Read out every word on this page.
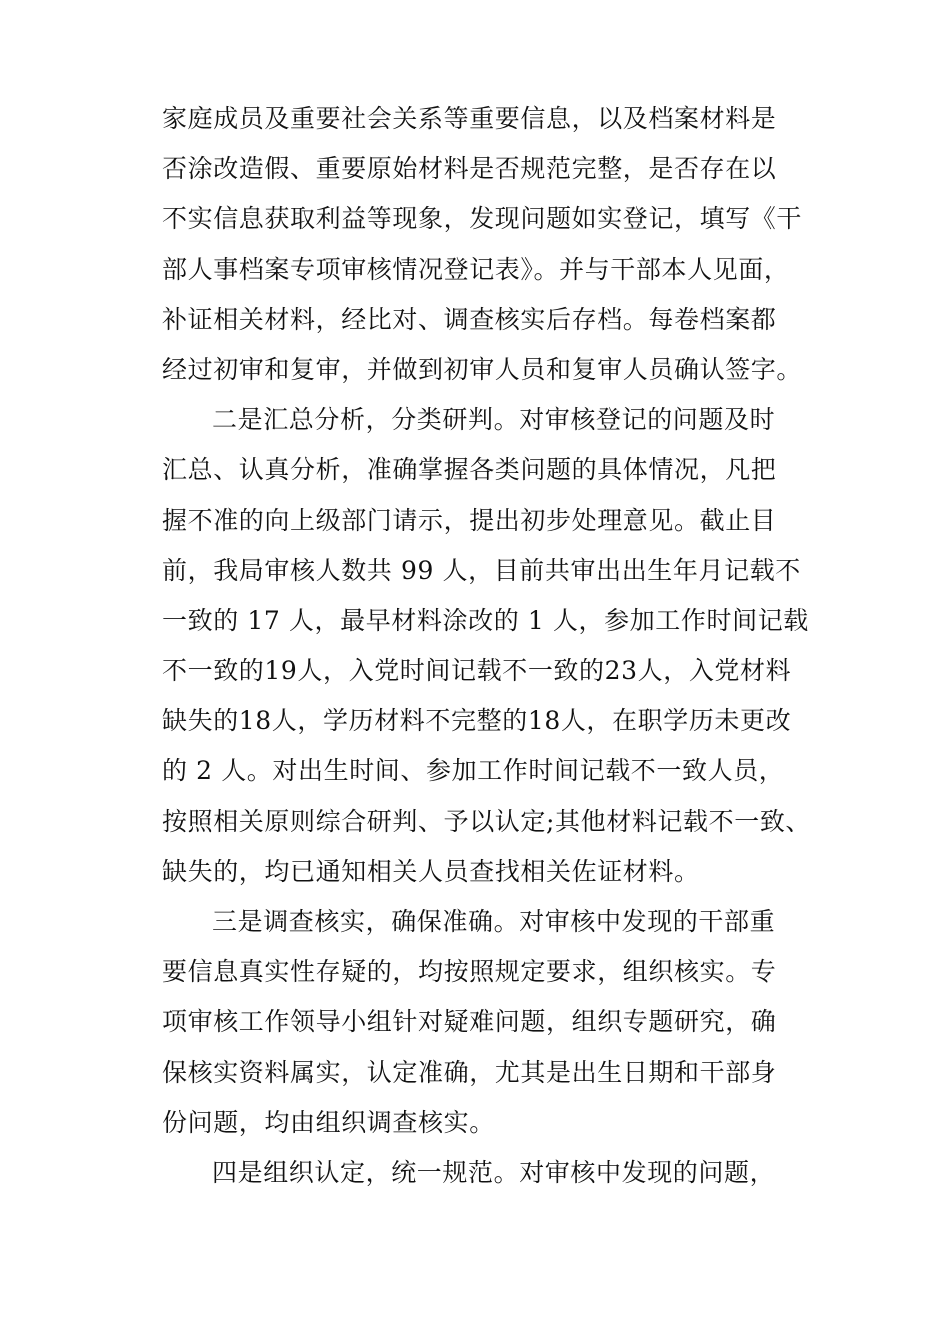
家庭成员及重要社会关系等重要信息，以及档案材料是
否涂改造假、重要原始材料是否规范完整，是否存在以
不实信息获取利益等现象，发现问题如实登记，填写《干
部人事档案专项审核情况登记表》。并与干部本人见面，
补证相关材料，经比对、调查核实后存档。每卷档案都
经过初审和复审，并做到初审人员和复审人员确认签字。
二是汇总分析，分类研判。对审核登记的问题及时
汇总、认真分析，准确掌握各类问题的具体情况，凡把
握不准的向上级部门请示，提出初步处理意见。截止目
前，我局审核人数共 99 人，目前共审出出生年月记载不
一致的 17 人，最早材料涂改的 1 人，参加工作时间记载
不一致的19人，入党时间记载不一致的23人，入党材料
缺失的18人，学历材料不完整的18人，在职学历未更改
的 2 人。对出生时间、参加工作时间记载不一致人员，
按照相关原则综合研判、予以认定;其他材料记载不一致、
缺失的，均已通知相关人员查找相关佐证材料。
三是调查核实，确保准确。对审核中发现的干部重
要信息真实性存疑的，均按照规定要求，组织核实。专
项审核工作领导小组针对疑难问题，组织专题研究，确
保核实资料属实，认定准确，尤其是出生日期和干部身
份问题，均由组织调查核实。
四是组织认定，统一规范。对审核中发现的问题，
